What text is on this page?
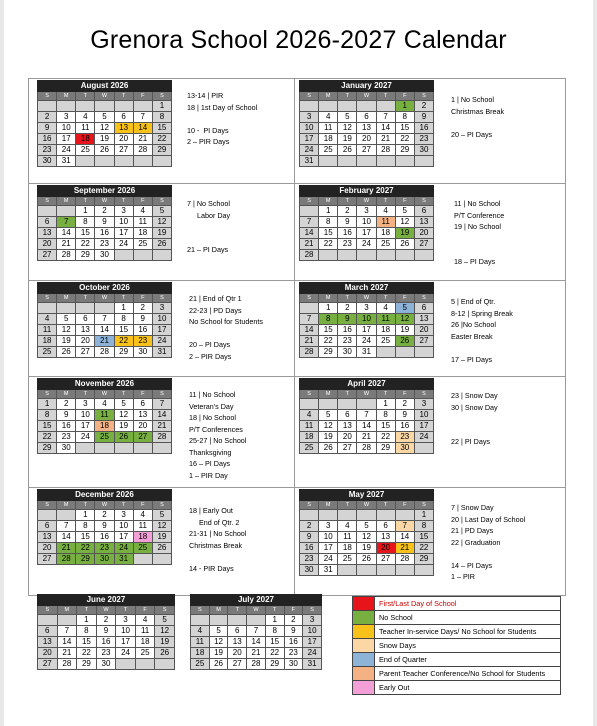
Grenora School 2026-2027 Calendar
August 2026						
S	M	T	W	T	F	S
						1
2	3	4	5	6	7	8
9	10	11	12	13	14	15
16	17	18	19	20	21	22
23	24	25	26	27	28	29
30	31					
January 2027						
S	M	T	W	T	F	S
					1	2
3	4	5	6	7	8	9
10	11	12	13	14	15	16
17	18	19	20	21	22	23
24	25	26	27	28	29	30
31						
September 2026						
S	M	T	W	T	F	S
		1	2	3	4	5
6	7	8	9	10	11	12
13	14	15	16	17	18	19
20	21	22	23	24	25	26
27	28	29	30			
February 2027						
S	M	T	W	T	F	S
	1	2	3	4	5	6
7	8	9	10	11	12	13
14	15	16	17	18	19	20
21	22	23	24	25	26	27
28						
October 2026						
S	M	T	W	T	F	S
				1	2	3
4	5	6	7	8	9	10
11	12	13	14	15	16	17
18	19	20	21	22	23	24
25	26	27	28	29	30	31
March 2027						
S	M	T	W	T	F	S
	1	2	3	4	5	6
7	8	9	10	11	12	13
14	15	16	17	18	19	20
21	22	23	24	25	26	27
28	29	30	31			
November 2026						
S	M	T	W	T	F	S
1	2	3	4	5	6	7
8	9	10	11	12	13	14
15	16	17	18	19	20	21
22	23	24	25	26	27	28
29	30					
April 2027						
S	M	T	W	T	F	S
				1	2	3
4	5	6	7	8	9	10
11	12	13	14	15	16	17
18	19	20	21	22	23	24
25	26	27	28	29	30	
December 2026						
S	M	T	W	T	F	S
		1	2	3	4	5
6	7	8	9	10	11	12
13	14	15	16	17	18	19
20	21	22	23	24	25	26
27	28	29	30	31		
May 2027						
S	M	T	W	T	F	S
						1
2	3	4	5	6	7	8
9	10	11	12	13	14	15
16	17	18	19	20	21	22
23	24	25	26	27	28	29
30	31					
June 2027						
S	M	T	W	T	F	S
		1	2	3	4	5
6	7	8	9	10	11	12
13	14	15	16	17	18	19
20	21	22	23	24	25	26
27	28	29	30			
July 2027						
S	M	T	W	T	F	S
				1	2	3
4	5	6	7	8	9	10
11	12	13	14	15	16	17
18	19	20	21	22	23	24
25	26	27	28	29	30	31
13-14 | PIR
18 | 1st Day of School

10 -  PI Days
2 – PIR Days
1 | No School
Christmas Break

20 – PI Days
7 | No School
Labor Day

21 – PI Days
11 | No School
P/T Conference
19 | No School

18 – PI Days
21 | End of Qtr 1
22-23 | PD Days
No School for Students

20 – PI Days
2 – PIR Days
5 | End of Qtr.
8-12 | Spring Break
26 |No School
Easter Break

17 – PI Days
11 | No School
Veteran's Day
18 | No School
P/T Conferences
25-27 | No School
Thanksgiving
16 – PI Days
1 – PIR Day
23 | Snow Day
30 | Snow Day

22 | PI Days
18 | Early Out
End of Qtr. 2
21-31 | No School
Christmas Break

14 - PIR Days
7 | Snow Day
20 | Last Day of School
21 | PD Days
22 | Graduation

14 – PI Days
1 – PIR
	First/Last Day of School
	No School
	Teacher In-service Days/ No School for Students
	Snow Days
	End of Quarter
	Parent Teacher Conference/No School for Students
	Early Out
